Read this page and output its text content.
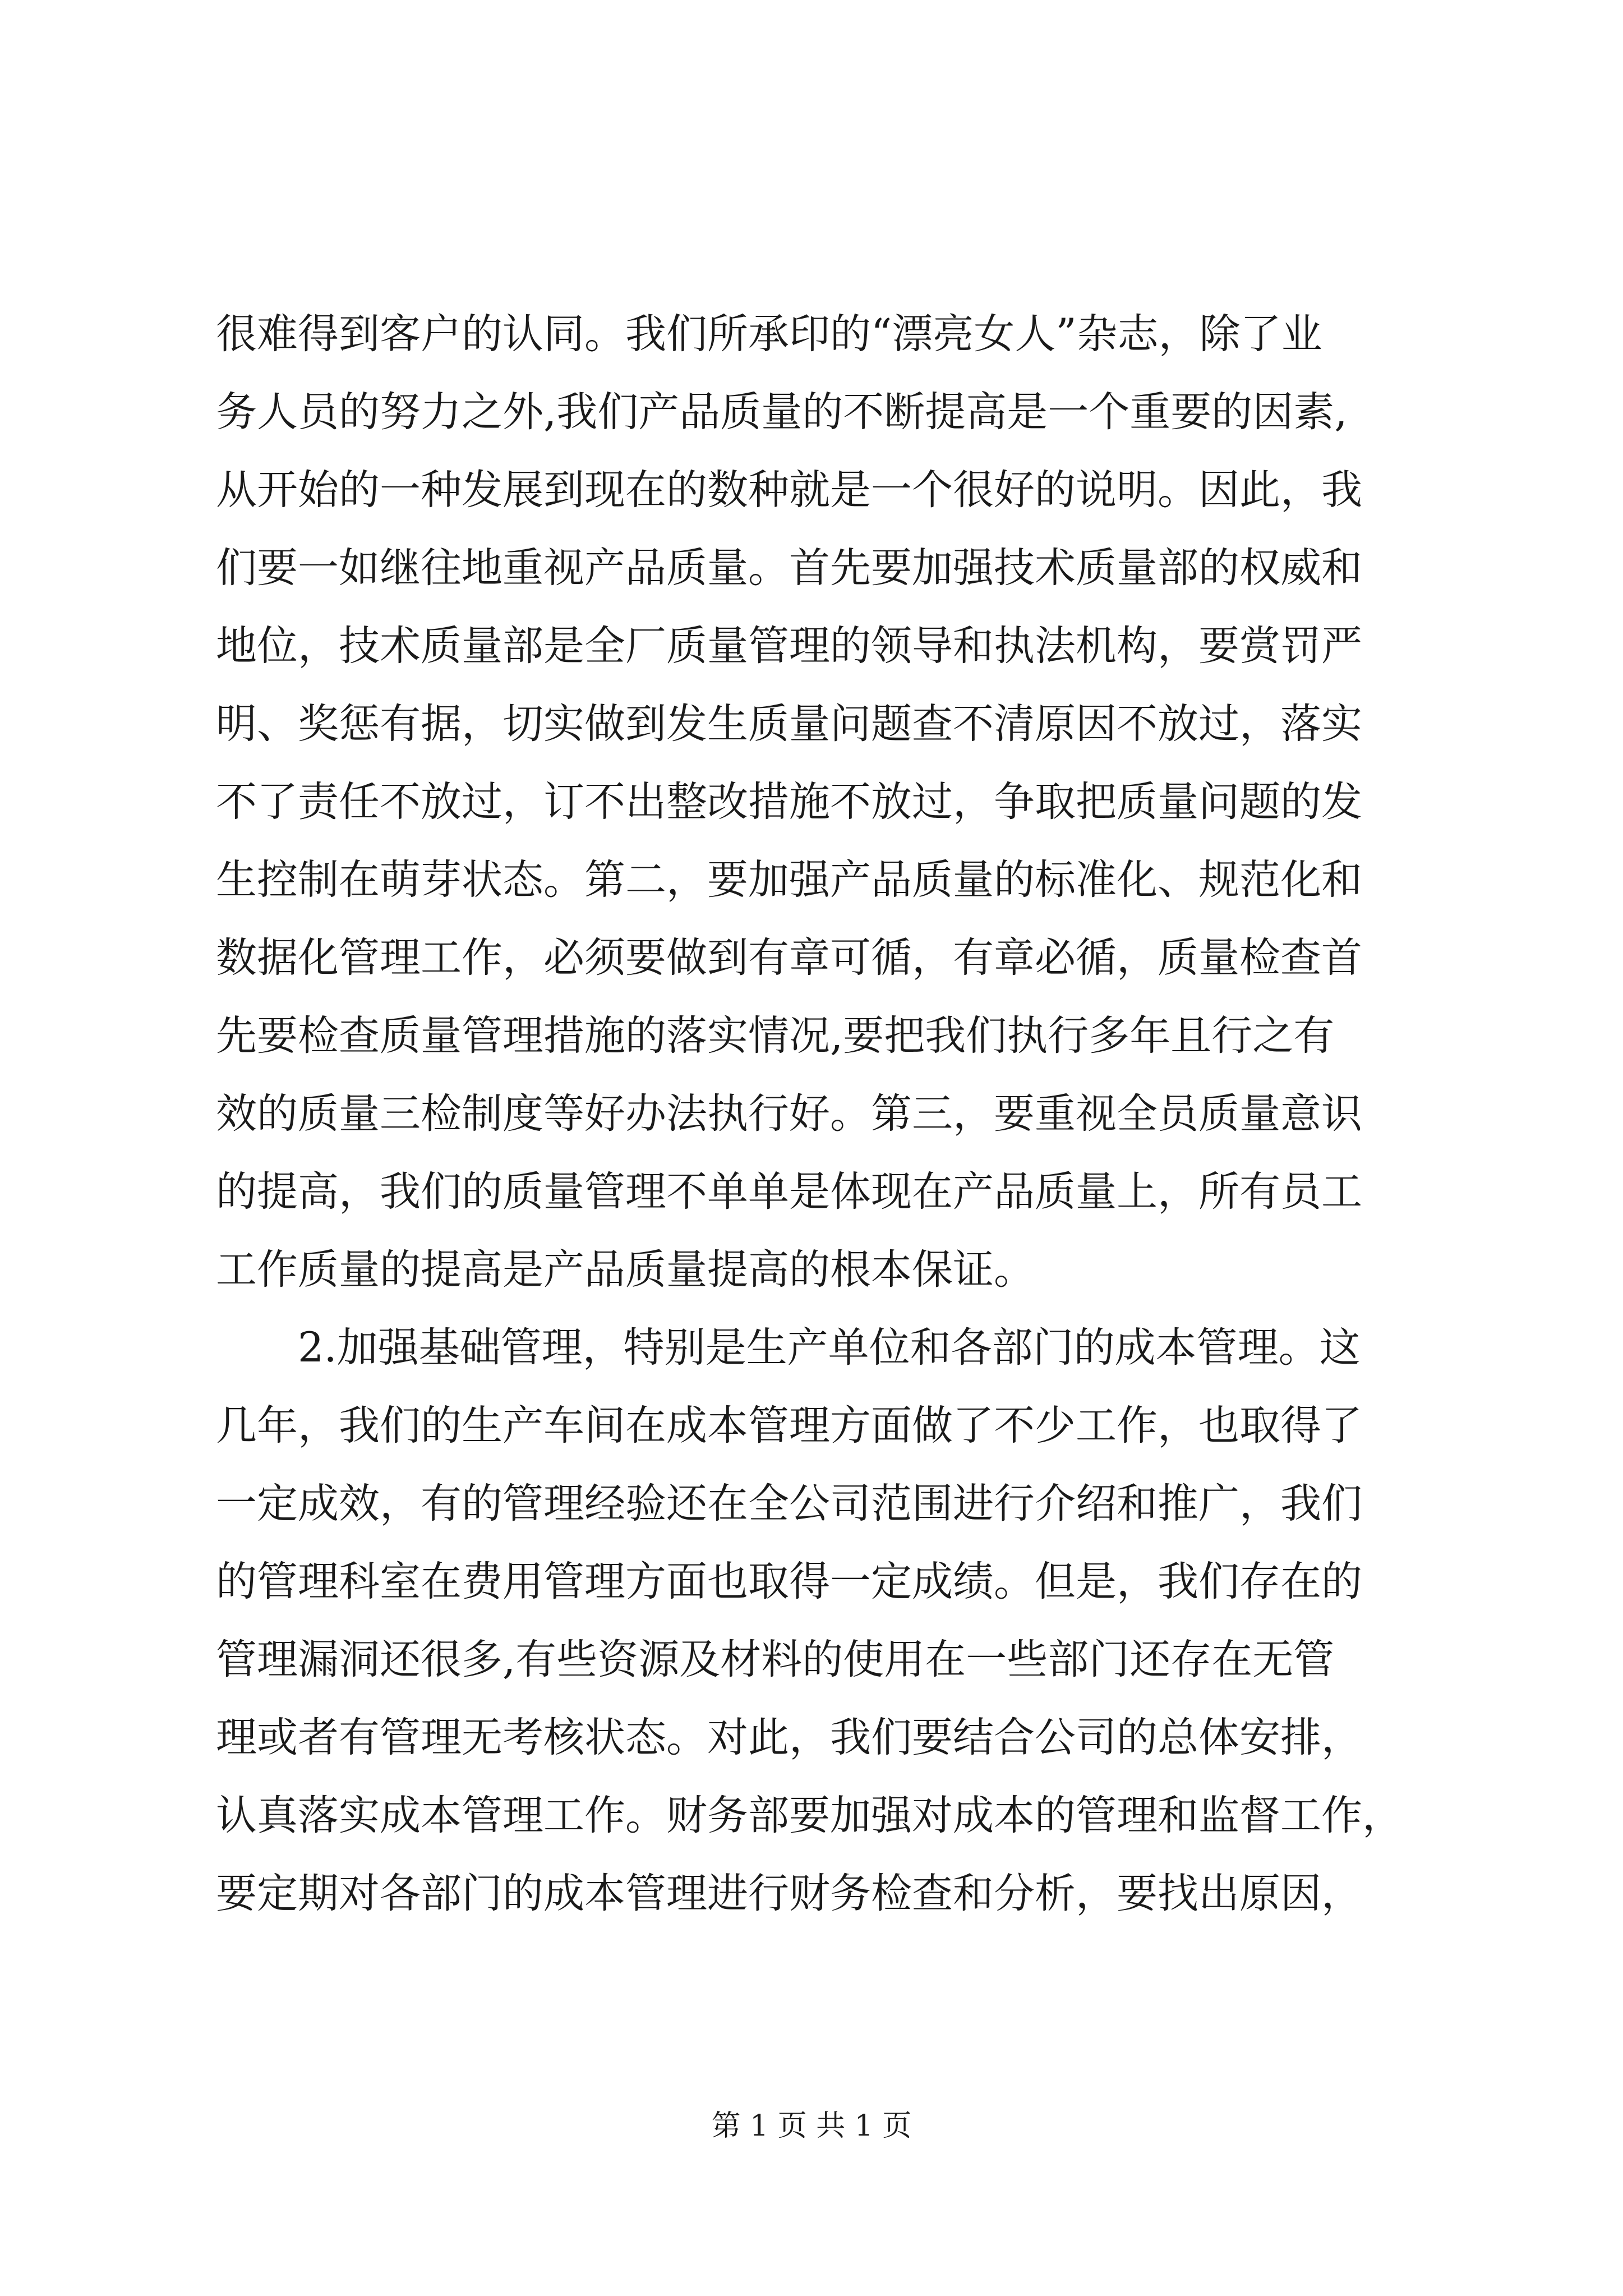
很难得到客户的认同。我们所承印的“漂亮女人”杂志，除了业
务人员的努力之外,我们产品质量的不断提高是一个重要的因素,
从开始的一种发展到现在的数种就是一个很好的说明。因此，我
们要一如继往地重视产品质量。首先要加强技术质量部的权威和
地位，技术质量部是全厂质量管理的领导和执法机构，要赏罚严
明、奖惩有据，切实做到发生质量问题查不清原因不放过，落实
不了责任不放过，订不出整改措施不放过，争取把质量问题的发
生控制在萌芽状态。第二，要加强产品质量的标准化、规范化和
数据化管理工作，必须要做到有章可循，有章必循，质量检查首
先要检查质量管理措施的落实情况,要把我们执行多年且行之有
效的质量三检制度等好办法执行好。第三，要重视全员质量意识
的提高，我们的质量管理不单单是体现在产品质量上，所有员工
工作质量的提高是产品质量提高的根本保证。
　　2.加强基础管理，特别是生产单位和各部门的成本管理。这
几年，我们的生产车间在成本管理方面做了不少工作，也取得了
一定成效，有的管理经验还在全公司范围进行介绍和推广，我们
的管理科室在费用管理方面也取得一定成绩。但是，我们存在的
管理漏洞还很多,有些资源及材料的使用在一些部门还存在无管
理或者有管理无考核状态。对此，我们要结合公司的总体安排，
认真落实成本管理工作。财务部要加强对成本的管理和监督工作，
要定期对各部门的成本管理进行财务检查和分析，要找出原因，
第 1 页 共 1 页
